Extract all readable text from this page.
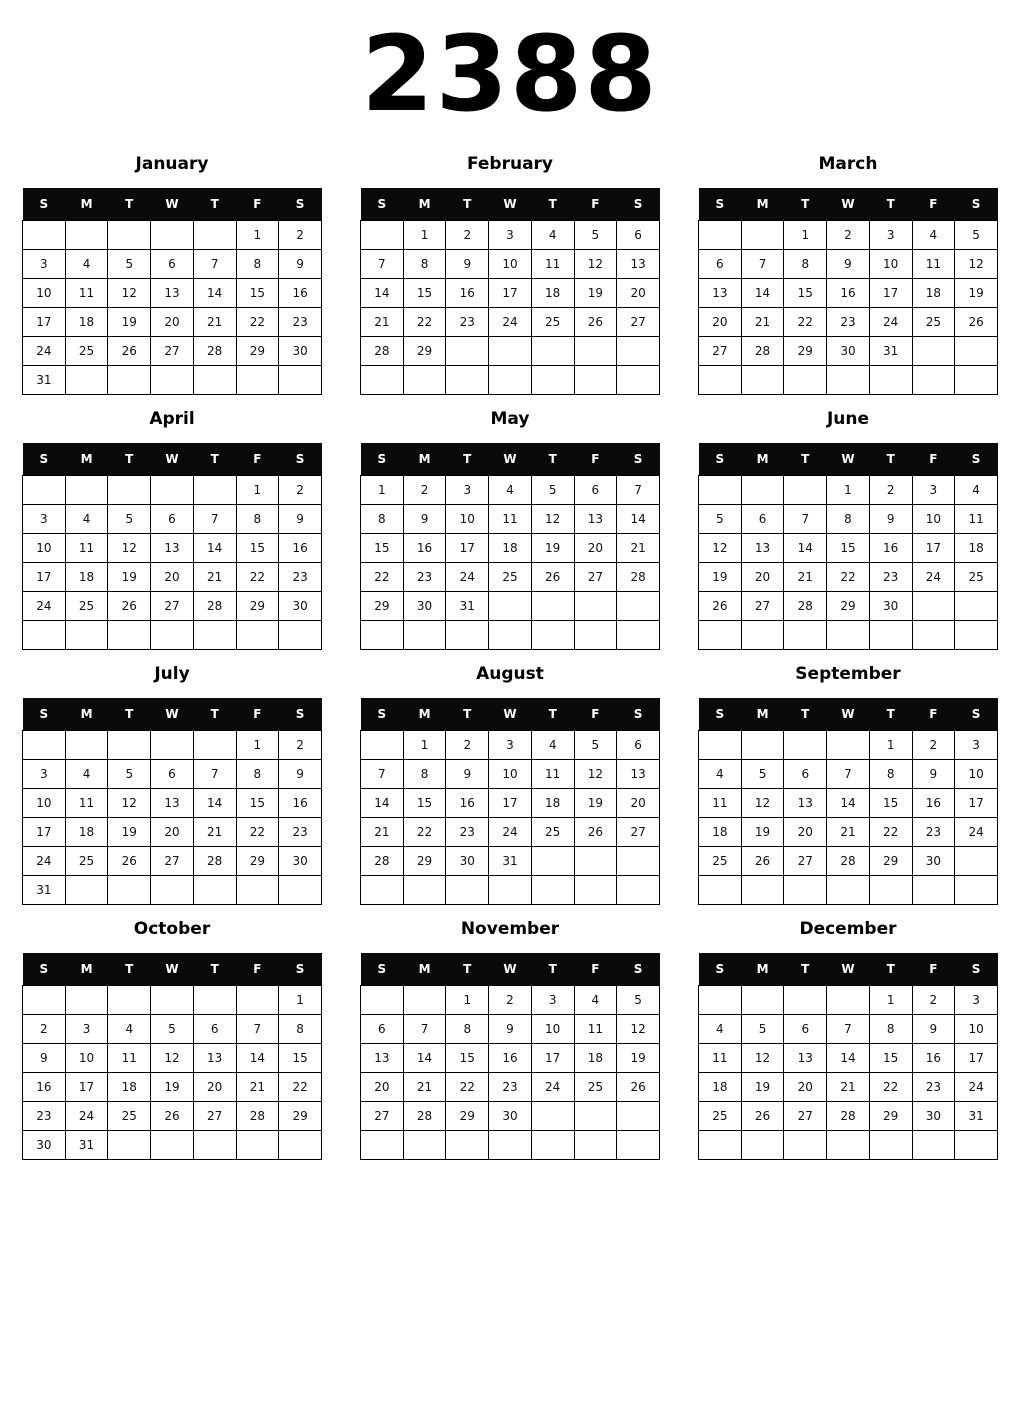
2388
January
S	M	T	W	T	F	S
					1	2
3	4	5	6	7	8	9
10	11	12	13	14	15	16
17	18	19	20	21	22	23
24	25	26	27	28	29	30
31						
February
S	M	T	W	T	F	S
	1	2	3	4	5	6
7	8	9	10	11	12	13
14	15	16	17	18	19	20
21	22	23	24	25	26	27
28	29					

March
S	M	T	W	T	F	S
		1	2	3	4	5
6	7	8	9	10	11	12
13	14	15	16	17	18	19
20	21	22	23	24	25	26
27	28	29	30	31		

April
S	M	T	W	T	F	S
					1	2
3	4	5	6	7	8	9
10	11	12	13	14	15	16
17	18	19	20	21	22	23
24	25	26	27	28	29	30

May
S	M	T	W	T	F	S
1	2	3	4	5	6	7
8	9	10	11	12	13	14
15	16	17	18	19	20	21
22	23	24	25	26	27	28
29	30	31				

June
S	M	T	W	T	F	S
			1	2	3	4
5	6	7	8	9	10	11
12	13	14	15	16	17	18
19	20	21	22	23	24	25
26	27	28	29	30		

July
S	M	T	W	T	F	S
					1	2
3	4	5	6	7	8	9
10	11	12	13	14	15	16
17	18	19	20	21	22	23
24	25	26	27	28	29	30
31						
August
S	M	T	W	T	F	S
	1	2	3	4	5	6
7	8	9	10	11	12	13
14	15	16	17	18	19	20
21	22	23	24	25	26	27
28	29	30	31			

September
S	M	T	W	T	F	S
				1	2	3
4	5	6	7	8	9	10
11	12	13	14	15	16	17
18	19	20	21	22	23	24
25	26	27	28	29	30	

October
S	M	T	W	T	F	S
						1
2	3	4	5	6	7	8
9	10	11	12	13	14	15
16	17	18	19	20	21	22
23	24	25	26	27	28	29
30	31					
November
S	M	T	W	T	F	S
		1	2	3	4	5
6	7	8	9	10	11	12
13	14	15	16	17	18	19
20	21	22	23	24	25	26
27	28	29	30			

December
S	M	T	W	T	F	S
				1	2	3
4	5	6	7	8	9	10
11	12	13	14	15	16	17
18	19	20	21	22	23	24
25	26	27	28	29	30	31
